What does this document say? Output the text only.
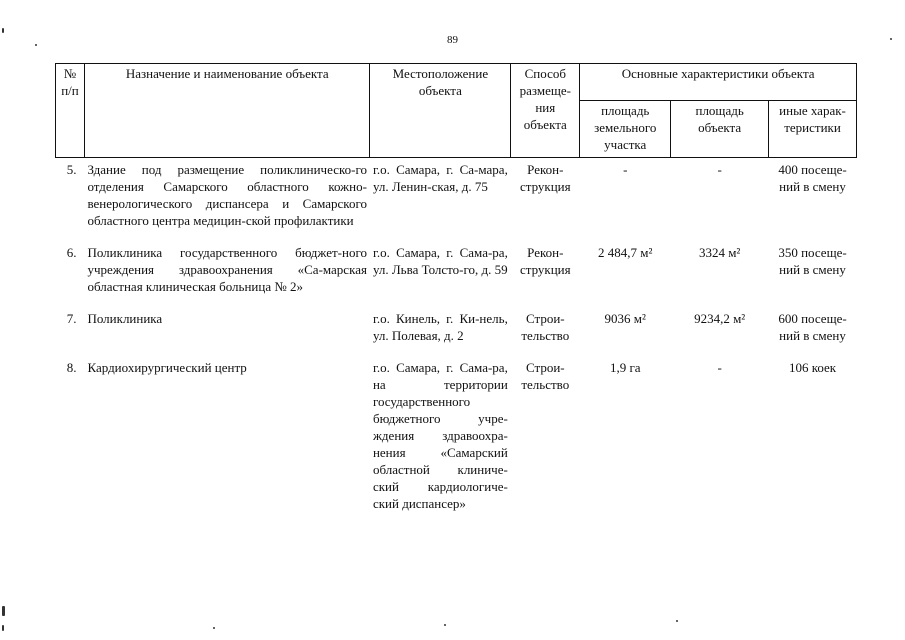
89
№ п/п	Назначение и наименование объекта	Местоположение объекта	Способ размеще-ния объекта	Основные характеристики объекта		
				площадь земельного участка	площадь объекта	иные харак-теристики
5.	Здание под размещение поликлиническо-го отделения Самарского областного кожно-венерологического диспансера и Самарского областного центра медицин-ской профилактики	г.о. Самара, г. Са-мара, ул. Ленин-ская, д. 75	Рекон-струкция	-	-	400 посеще-ний в смену
6.	Поликлиника государственного бюджет-ного учреждения здравоохранения «Са-марская областная клиническая больница № 2»	г.о. Самара, г. Сама-ра, ул. Льва Толсто-го, д. 59	Рекон-струкция	2 484,7 м²	3324 м²	350 посеще-ний в смену
7.	Поликлиника	г.о. Кинель, г. Ки-нель, ул. Полевая, д. 2	Строи-тельство	9036 м²	9234,2 м²	600 посеще-ний в смену
8.	Кардиохирургический центр	г.о. Самара, г. Сама-ра, на территории государственного бюджетного учре-ждения здравоохра-нения «Самарский областной клиниче-ский кардиологиче-ский диспансер»	Строи-тельство	1,9 га	-	106 коек
